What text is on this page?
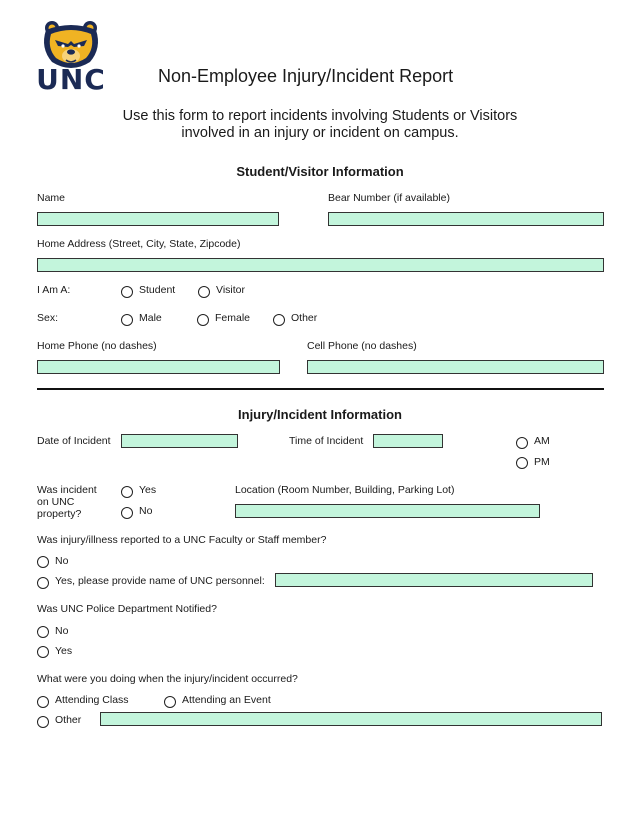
UNC	Non-Employee Injury/Incident Report
Use this form to report incidents involving Students or Visitors
involved in an injury or incident on campus.
Student/Visitor Information
Name	Bear Number (if available)
Home Address (Street, City, State, Zipcode)
I Am A:	Student	Visitor
Sex:	Male	Female	Other
Home Phone (no dashes)	Cell Phone (no dashes)
Injury/Incident Information
Date of Incident	Time of Incident	AM
PM
Was incident
on UNC
property?
Yes
No
Location (Room Number, Building, Parking Lot)
Was injury/illness reported to a UNC Faculty or Staff member?
No
Yes, please provide name of UNC personnel:
Was UNC Police Department Notified?
No
Yes
What were you doing when the injury/incident occurred?
Attending Class	Attending an Event
Other
